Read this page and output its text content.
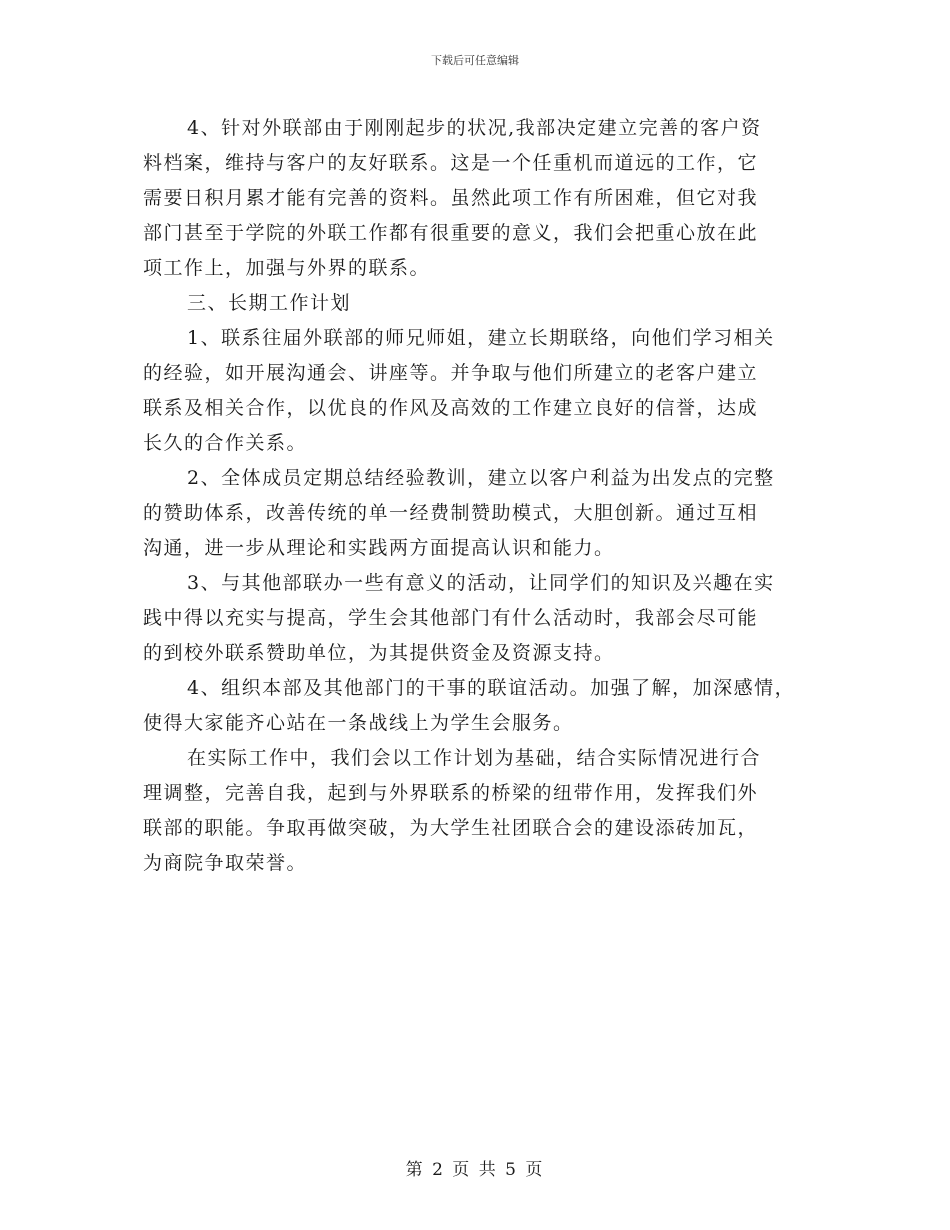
下载后可任意编辑
4、针对外联部由于刚刚起步的状况,我部决定建立完善的客户资
料档案，维持与客户的友好联系。这是一个任重机而道远的工作，它
需要日积月累才能有完善的资料。虽然此项工作有所困难，但它对我
部门甚至于学院的外联工作都有很重要的意义，我们会把重心放在此
项工作上，加强与外界的联系。
三、长期工作计划
1、联系往届外联部的师兄师姐，建立长期联络，向他们学习相关
的经验，如开展沟通会、讲座等。并争取与他们所建立的老客户建立
联系及相关合作，以优良的作风及高效的工作建立良好的信誉，达成
长久的合作关系。
2、全体成员定期总结经验教训，建立以客户利益为出发点的完整
的赞助体系，改善传统的单一经费制赞助模式，大胆创新。通过互相
沟通，进一步从理论和实践两方面提高认识和能力。
3、与其他部联办一些有意义的活动，让同学们的知识及兴趣在实
践中得以充实与提高，学生会其他部门有什么活动时，我部会尽可能
的到校外联系赞助单位，为其提供资金及资源支持。
4、组织本部及其他部门的干事的联谊活动。加强了解，加深感情，
使得大家能齐心站在一条战线上为学生会服务。
在实际工作中，我们会以工作计划为基础，结合实际情况进行合
理调整，完善自我，起到与外界联系的桥梁的纽带作用，发挥我们外
联部的职能。争取再做突破，为大学生社团联合会的建设添砖加瓦，
为商院争取荣誉。
第 2 页 共 5 页
